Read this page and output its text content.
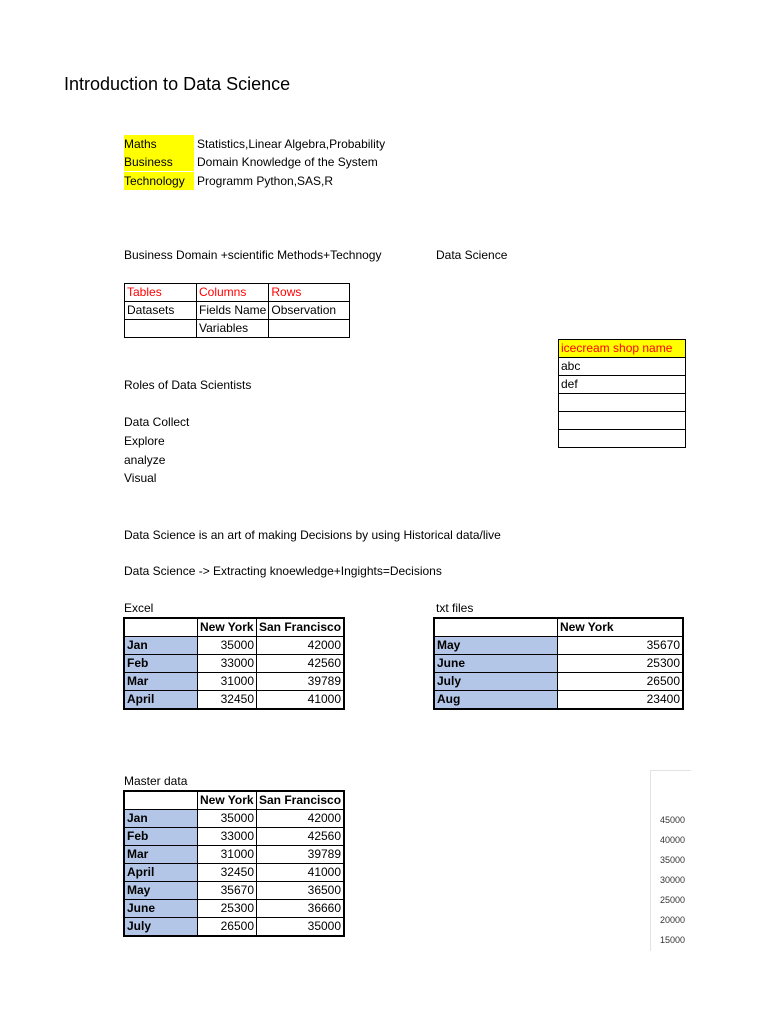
Introduction to Data Science
Maths	Statistics,Linear Algebra,Probability
Business	Domain Knowledge of the System
Technology	Programm Python,SAS,R
Business Domain +scientific Methods+Technogy	Data Science
Tables	Columns	Rows
Datasets	Fields Name	Observation
	Variables	
icecream shop name
abc
def

Roles of Data Scientists
Data Collect
Explore
analyze
Visual
Data Science is an art of making Decisions by using Historical data/live
Data Science -> Extracting knoewledge+Ingights=Decisions
Excel
	New York	San Francisco
Jan	35000	42000
Feb	33000	42560
Mar	31000	39789
April	32450	41000
txt files
	New York
May	35670
June	25300
July	26500
Aug	23400
Master data
	New York	San Francisco
Jan	35000	42000
Feb	33000	42560
Mar	31000	39789
April	32450	41000
May	35670	36500
June	25300	36660
July	26500	35000
45000
40000
35000
30000
25000
20000
15000
